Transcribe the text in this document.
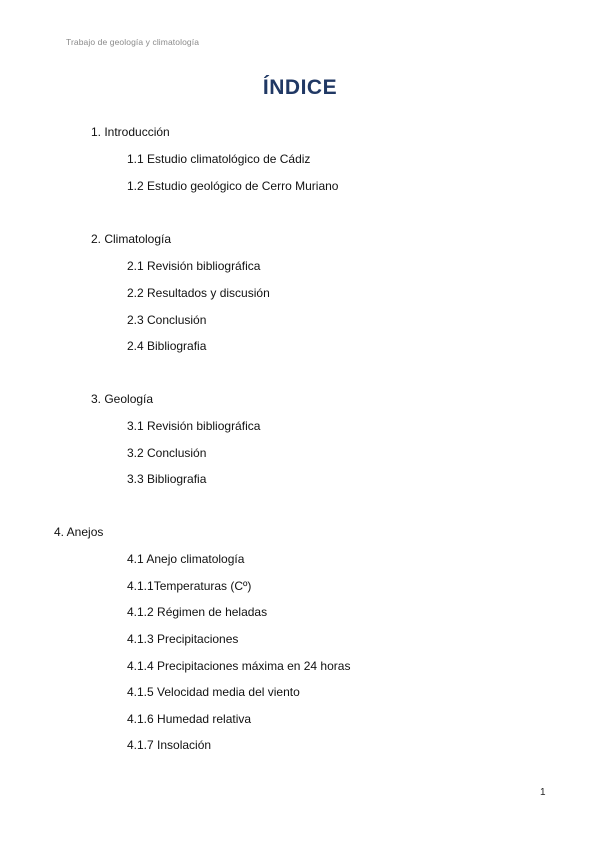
Trabajo de geología y climatología
ÍNDICE
1. Introducción
1.1 Estudio climatológico de Cádiz
1.2 Estudio geológico de Cerro Muriano
2. Climatología
2.1 Revisión bibliográfica
2.2 Resultados y discusión
2.3 Conclusión
2.4 Bibliografia
3. Geología
3.1 Revisión bibliográfica
3.2 Conclusión
3.3 Bibliografia
4. Anejos
4.1 Anejo climatología
4.1.1Temperaturas (Cº)
4.1.2 Régimen de heladas
4.1.3 Precipitaciones
4.1.4 Precipitaciones máxima en 24 horas
4.1.5 Velocidad media del viento
4.1.6 Humedad relativa
4.1.7 Insolación
1
